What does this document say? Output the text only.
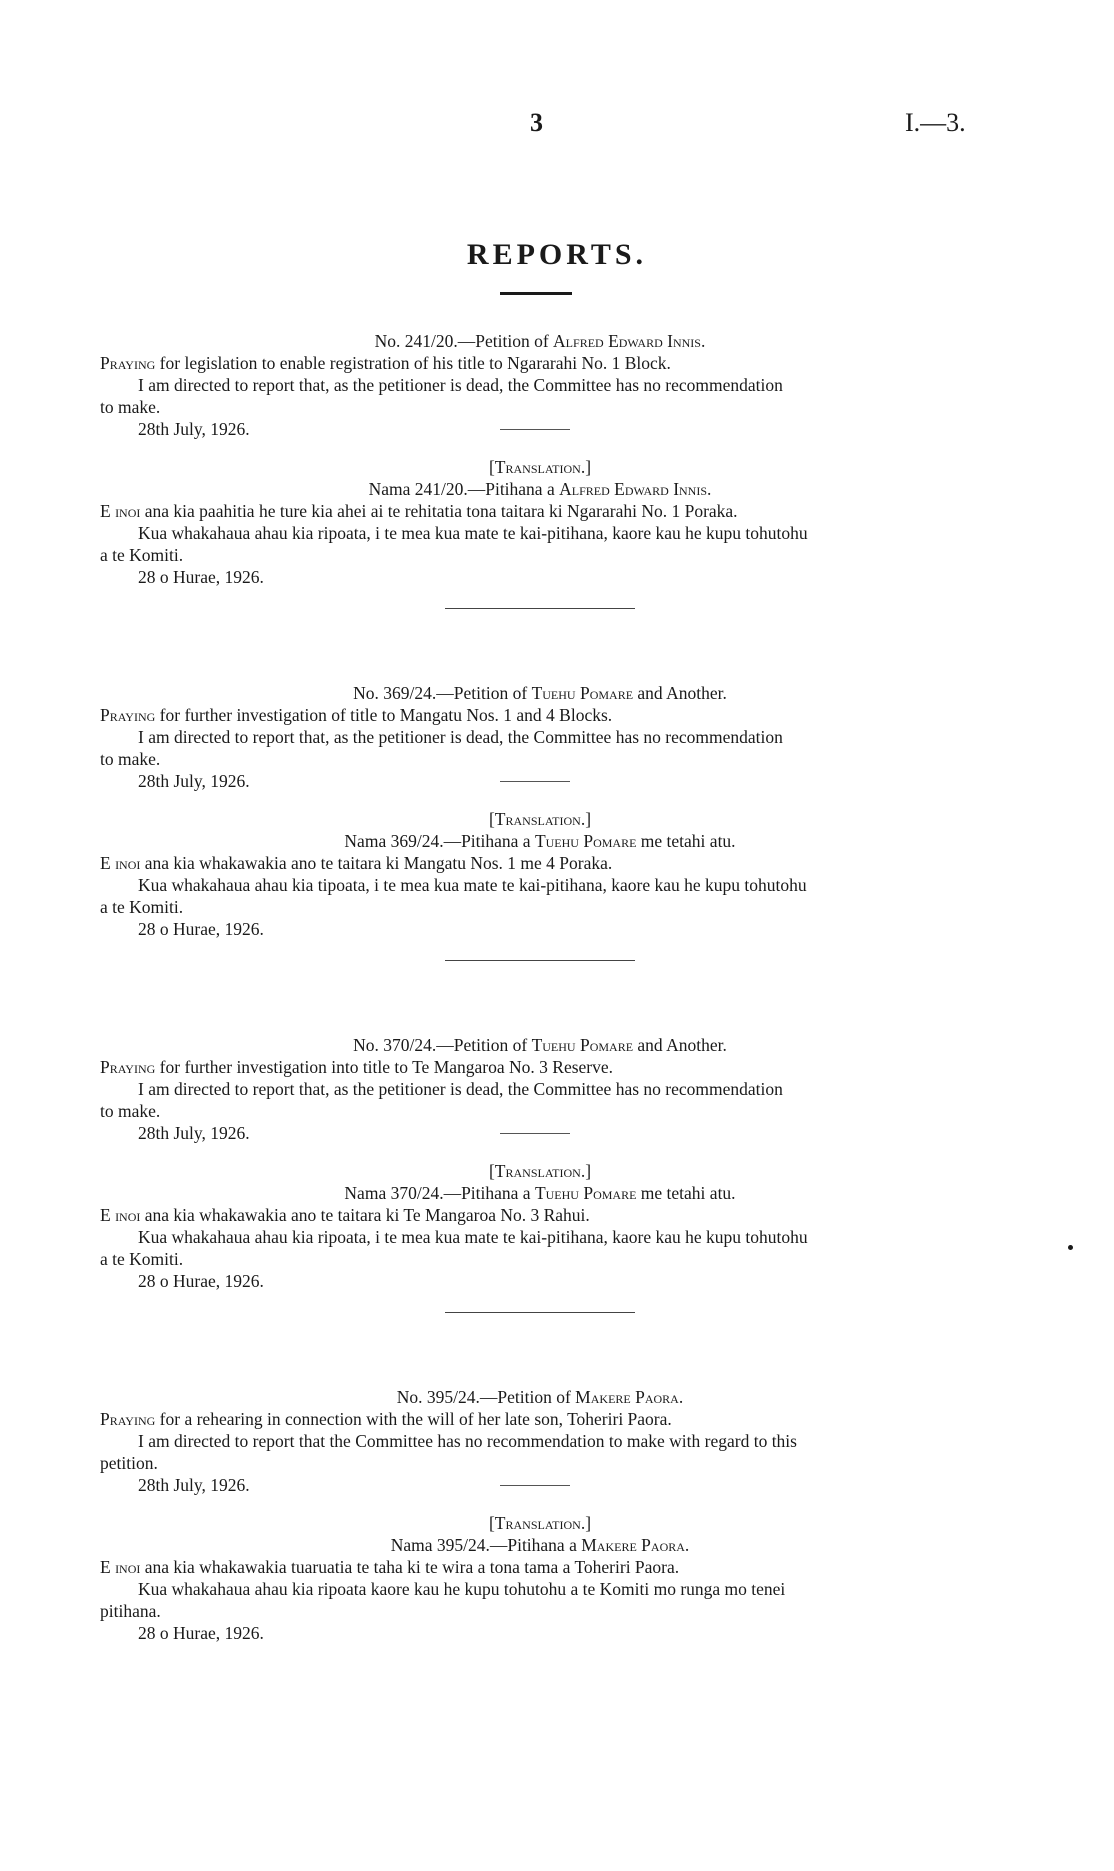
3	I.—3.
REPORTS.
No. 241/20.—Petition of Alfred Edward Innis.
Praying for legislation to enable registration of his title to Ngararahi No. 1 Block.
I am directed to report that, as the petitioner is dead, the Committee has no recommendation
to make.
28th July, 1926.
[Translation.]
Nama 241/20.—Pitihana a Alfred Edward Innis.
E inoi ana kia paahitia he ture kia ahei ai te rehitatia tona taitara ki Ngararahi No. 1 Poraka.
Kua whakahaua ahau kia ripoata, i te mea kua mate te kai-pitihana, kaore kau he kupu tohutohu
a te Komiti.
28 o Hurae, 1926.
No. 369/24.—Petition of Tuehu Pomare and Another.
Praying for further investigation of title to Mangatu Nos. 1 and 4 Blocks.
I am directed to report that, as the petitioner is dead, the Committee has no recommendation
to make.
28th July, 1926.
[Translation.]
Nama 369/24.—Pitihana a Tuehu Pomare me tetahi atu.
E inoi ana kia whakawakia ano te taitara ki Mangatu Nos. 1 me 4 Poraka.
Kua whakahaua ahau kia tipoata, i te mea kua mate te kai-pitihana, kaore kau he kupu tohutohu
a te Komiti.
28 o Hurae, 1926.
No. 370/24.—Petition of Tuehu Pomare and Another.
Praying for further investigation into title to Te Mangaroa No. 3 Reserve.
I am directed to report that, as the petitioner is dead, the Committee has no recommendation
to make.
28th July, 1926.
[Translation.]
Nama 370/24.—Pitihana a Tuehu Pomare me tetahi atu.
E inoi ana kia whakawakia ano te taitara ki Te Mangaroa No. 3 Rahui.
Kua whakahaua ahau kia ripoata, i te mea kua mate te kai-pitihana, kaore kau he kupu tohutohu
a te Komiti.
28 o Hurae, 1926.
No. 395/24.—Petition of Makere Paora.
Praying for a rehearing in connection with the will of her late son, Toheriri Paora.
I am directed to report that the Committee has no recommendation to make with regard to this
petition.
28th July, 1926.
[Translation.]
Nama 395/24.—Pitihana a Makere Paora.
E inoi ana kia whakawakia tuaruatia te taha ki te wira a tona tama a Toheriri Paora.
Kua whakahaua ahau kia ripoata kaore kau he kupu tohutohu a te Komiti mo runga mo tenei
pitihana.
28 o Hurae, 1926.
